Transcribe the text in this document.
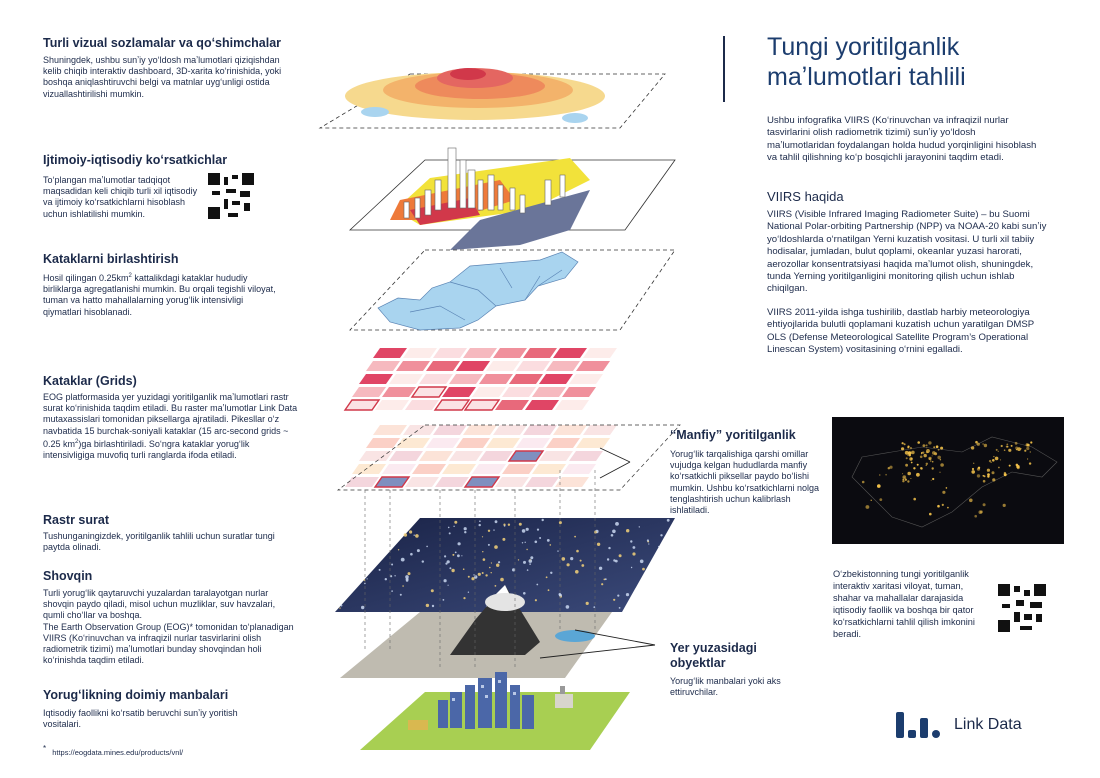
Turli vizual sozlamalar va qoʻshimchalar

Shuningdek, ushbu sunʼiy yoʻldosh maʼlumotlari qiziqishdan kelib chiqib interaktiv dashboard, 3D-xarita koʻrinishida, yoki boshqa aniqlashtiruvchi belgi va matnlar uygʻunligi ostida vizuallashtirilishi mumkin.

Ijtimoiy-iqtisodiy koʻrsatkichlar

Toʻplangan maʼlumotlar tadqiqot maqsadidan keli chiqib turli xil iqtisodiy va ijtimoiy koʻrsatkichlarni hisoblash uchun ishlatilishi mumkin.

Kataklarni birlashtirish

Hosil qilingan $0.25km^2$ kattalikdagi kataklar hududiy birliklarga agregatlanishi mumkin. Bu orqali tegishli viloyat, tuman va hatto mahallalarning yorugʻlik intensivligi qiymatlari hisoblanadi.

Kataklar (Grids)

EOG platformasida yer yuzidagi yoritilganlik maʼlumotlari rastr surat koʻrinishida taqdim etiladi. Bu raster maʼlumotlar Link Data mutaxassislari tomonidan piksellarga ajratiladi. Pikesllar oʻz navbatida 15 burchak-soniyali kataklar (15 arc-second grids ~ 0.25 $km^2)ga$ birlashtiriladi. Soʻngra kataklar yorugʻlik intensivligiga muvofiq turli ranglarda ifoda etiladi.

Rastr surat

Tushunganingizdek, yoritilganlik tahlili uchun suratlar tungi paytda olinadi.

Shovqin

Turli yorugʻlik qaytaruvchi yuzalardan taralayotgan nurlar shovqin paydo qiladi, misol uchun muzliklar, suv havzalari, qumli choʻllar va boshqa.
The Earth Observation Group (EOG)* tomonidan toʻplanadigan VIIRS (Koʻrinuvchan va infraqizil nurlar tasvirlarini olish radiometrik tizimi) maʼlumotlari bunday shovqindan holi koʻrinishda taqdim etiladi.

Yorugʻlikning doimiy manbalari

Iqtisodiy faollikni koʻrsatib beruvchi sunʼiy yoritish vositalari.

* https://eogdata.mines.edu/products/vnl/
“Manfiy” yoritilganlik

Yorugʻlik tarqalishiga qarshi omillar vujudga kelgan hududlarda manfiy koʻrsatkichli piksellar paydo boʻlishi mumkin. Ushbu koʻrsatkichlarni nolga tenglashtirish uchun kalibrlash ishlatiladi.

Yer yuzasidagi obyektlar

Yorugʻlik manbalari yoki aks ettiruvchilar.

Tungi yoritilganlik maʼlumotlari tahlili
Ushbu infografika VIIRS (Koʻrinuvchan va infraqizil nurlar tasvirlarini olish radiometrik tizimi) sunʼiy yoʻldosh maʼlumotlaridan foydalangan holda hudud yorqinligini hisoblash va tahlil qilishning koʻp bosqichli jarayonini taqdim etadi.
VIIRS haqida

VIIRS (Visible Infrared Imaging Radiometer Suite) – bu Suomi National Polar-orbiting Partnership (NPP) va NOAA-20 kabi sunʼiy yoʻldoshlarda oʻrnatilgan Yerni kuzatish vositasi. U turli xil tabiiy hodisalar, jumladan, bulut qoplami, okeanlar yuzasi harorati, aerozollar konsentratsiyasi haqida maʼlumot olish, shuningdek, tunda Yerning yoritilganligini monitoring qilish uchun ishlab chiqilgan.

VIIRS 2011-yilda ishga tushirilib, dastlab harbiy meteorologiya ehtiyojlarida bulutli qoplamani kuzatish uchun yaratilgan DMSP OLS (Defense Meteorological Satellite Program’s Operational Linescan System) vositasining oʻrnini egalladi.

Oʻzbekistonning tungi yoritilganlik interaktiv xaritasi viloyat, tuman, shahar va mahallalar darajasida iqtisodiy faollik va boshqa bir qator koʻrsatkichlarni tahlil qilish imkonini beradi.

Link Data
